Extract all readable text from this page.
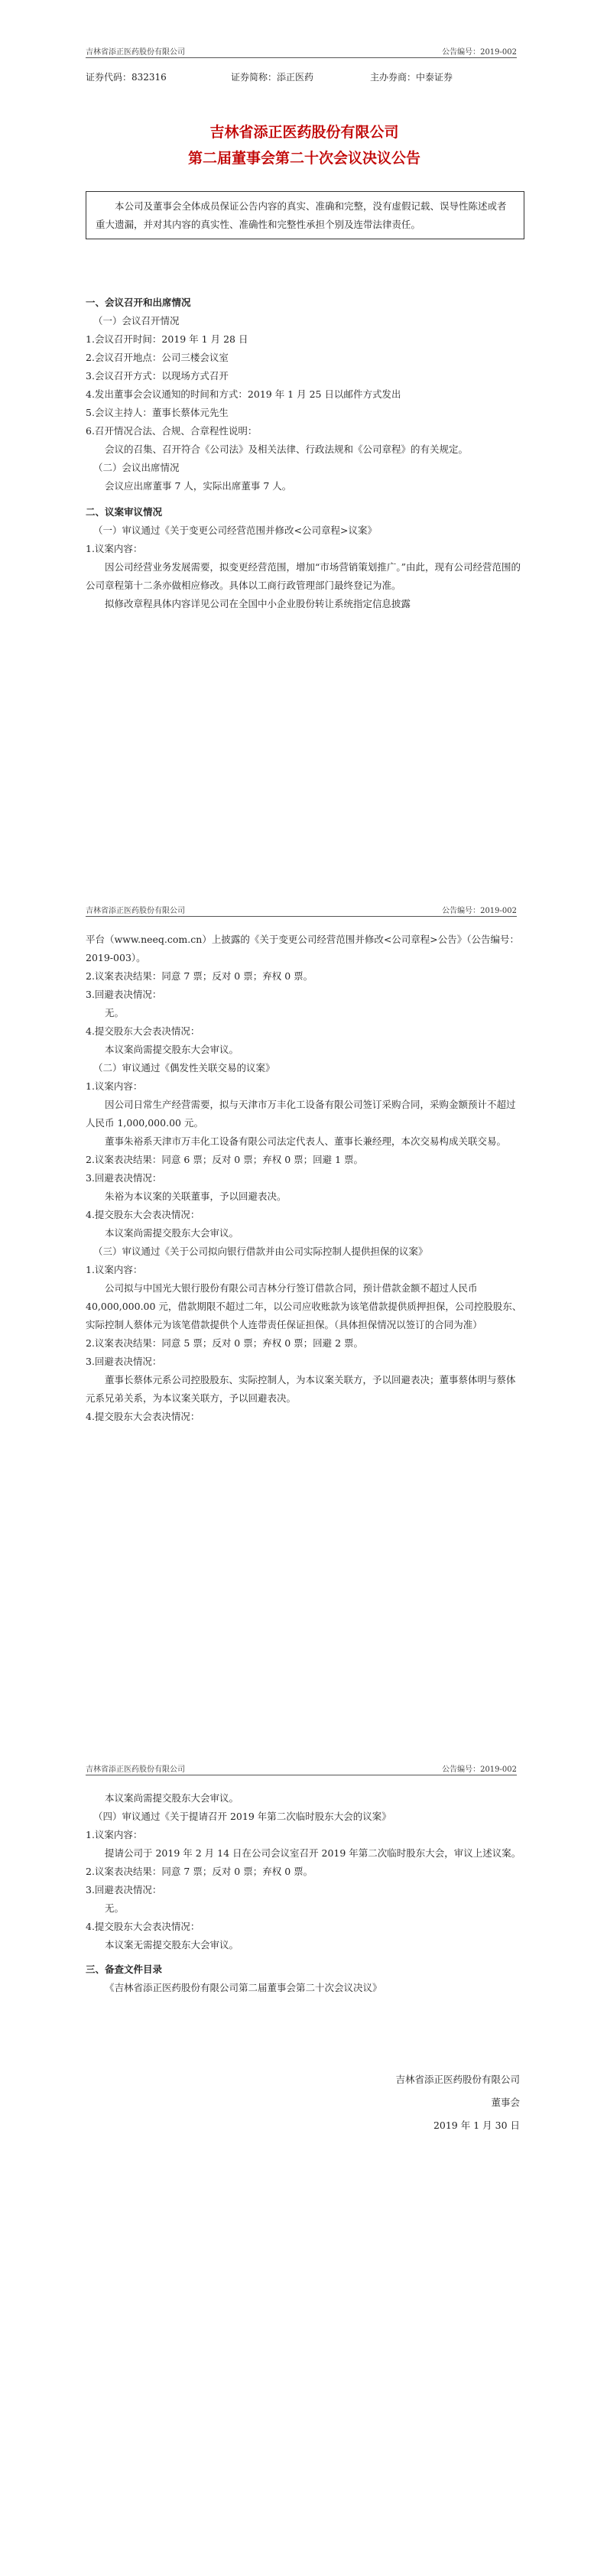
吉林省添正医药股份有限公司	公告编号：2019-002
证券代码：832316	证券简称：添正医药	主办券商：中泰证券
吉林省添正医药股份有限公司
第二届董事会第二十次会议决议公告
本公司及董事会全体成员保证公告内容的真实、准确和完整，没有虚假记载、误导性陈述或者重大遗漏，并对其内容的真实性、准确性和完整性承担个别及连带法律责任。

一、会议召开和出席情况

（一）会议召开情况

1.会议召开时间：2019 年 1 月 28 日

2.会议召开地点：公司三楼会议室

3.会议召开方式：以现场方式召开

4.发出董事会会议通知的时间和方式：2019 年 1 月 25 日以邮件方式发出

5.会议主持人：董事长蔡体元先生

6.召开情况合法、合规、合章程性说明：

会议的召集、召开符合《公司法》及相关法律、行政法规和《公司章程》的有关规定。

（二）会议出席情况

会议应出席董事 7 人，实际出席董事 7 人。

二、议案审议情况

（一）审议通过《关于变更公司经营范围并修改<公司章程>议案》

1.议案内容：

因公司经营业务发展需要，拟变更经营范围，增加“市场营销策划推广。”由此，现有公司经营范围的公司章程第十二条亦做相应修改。具体以工商行政管理部门最终登记为准。

拟修改章程具体内容详见公司在全国中小企业股份转让系统指定信息披露

吉林省添正医药股份有限公司	公告编号：2019-002

平台（www.neeq.com.cn）上披露的《关于变更公司经营范围并修改<公司章程>公告》（公告编号：2019-003）。

2.议案表决结果：同意 7 票；反对 0 票；弃权 0 票。

3.回避表决情况：

无。

4.提交股东大会表决情况：

本议案尚需提交股东大会审议。

（二）审议通过《偶发性关联交易的议案》

1.议案内容：

因公司日常生产经营需要，拟与天津市万丰化工设备有限公司签订采购合同，采购金额预计不超过人民币 1,000,000.00 元。

董事朱裕系天津市万丰化工设备有限公司法定代表人、董事长兼经理，本次交易构成关联交易。

2.议案表决结果：同意 6 票；反对 0 票；弃权 0 票；回避 1 票。

3.回避表决情况：

朱裕为本议案的关联董事，予以回避表决。

4.提交股东大会表决情况：

本议案尚需提交股东大会审议。

（三）审议通过《关于公司拟向银行借款并由公司实际控制人提供担保的议案》

1.议案内容：

公司拟与中国光大银行股份有限公司吉林分行签订借款合同，预计借款金额不超过人民币 40,000,000.00 元，借款期限不超过二年，以公司应收账款为该笔借款提供质押担保，公司控股股东、实际控制人蔡体元为该笔借款提供个人连带责任保证担保。（具体担保情况以签订的合同为准）

2.议案表决结果：同意 5 票；反对 0 票；弃权 0 票；回避 2 票。

3.回避表决情况：

董事长蔡体元系公司控股股东、实际控制人，为本议案关联方，予以回避表决；董事蔡体明与蔡体元系兄弟关系，为本议案关联方，予以回避表决。

4.提交股东大会表决情况：

吉林省添正医药股份有限公司	公告编号：2019-002

本议案尚需提交股东大会审议。

（四）审议通过《关于提请召开 2019 年第二次临时股东大会的议案》

1.议案内容：

提请公司于 2019 年 2 月 14 日在公司会议室召开 2019 年第二次临时股东大会，审议上述议案。

2.议案表决结果：同意 7 票；反对 0 票；弃权 0 票。

3.回避表决情况：

无。

4.提交股东大会表决情况：

本议案无需提交股东大会审议。

三、备查文件目录

《吉林省添正医药股份有限公司第二届董事会第二十次会议决议》

吉林省添正医药股份有限公司
董事会
2019 年 1 月 30 日
